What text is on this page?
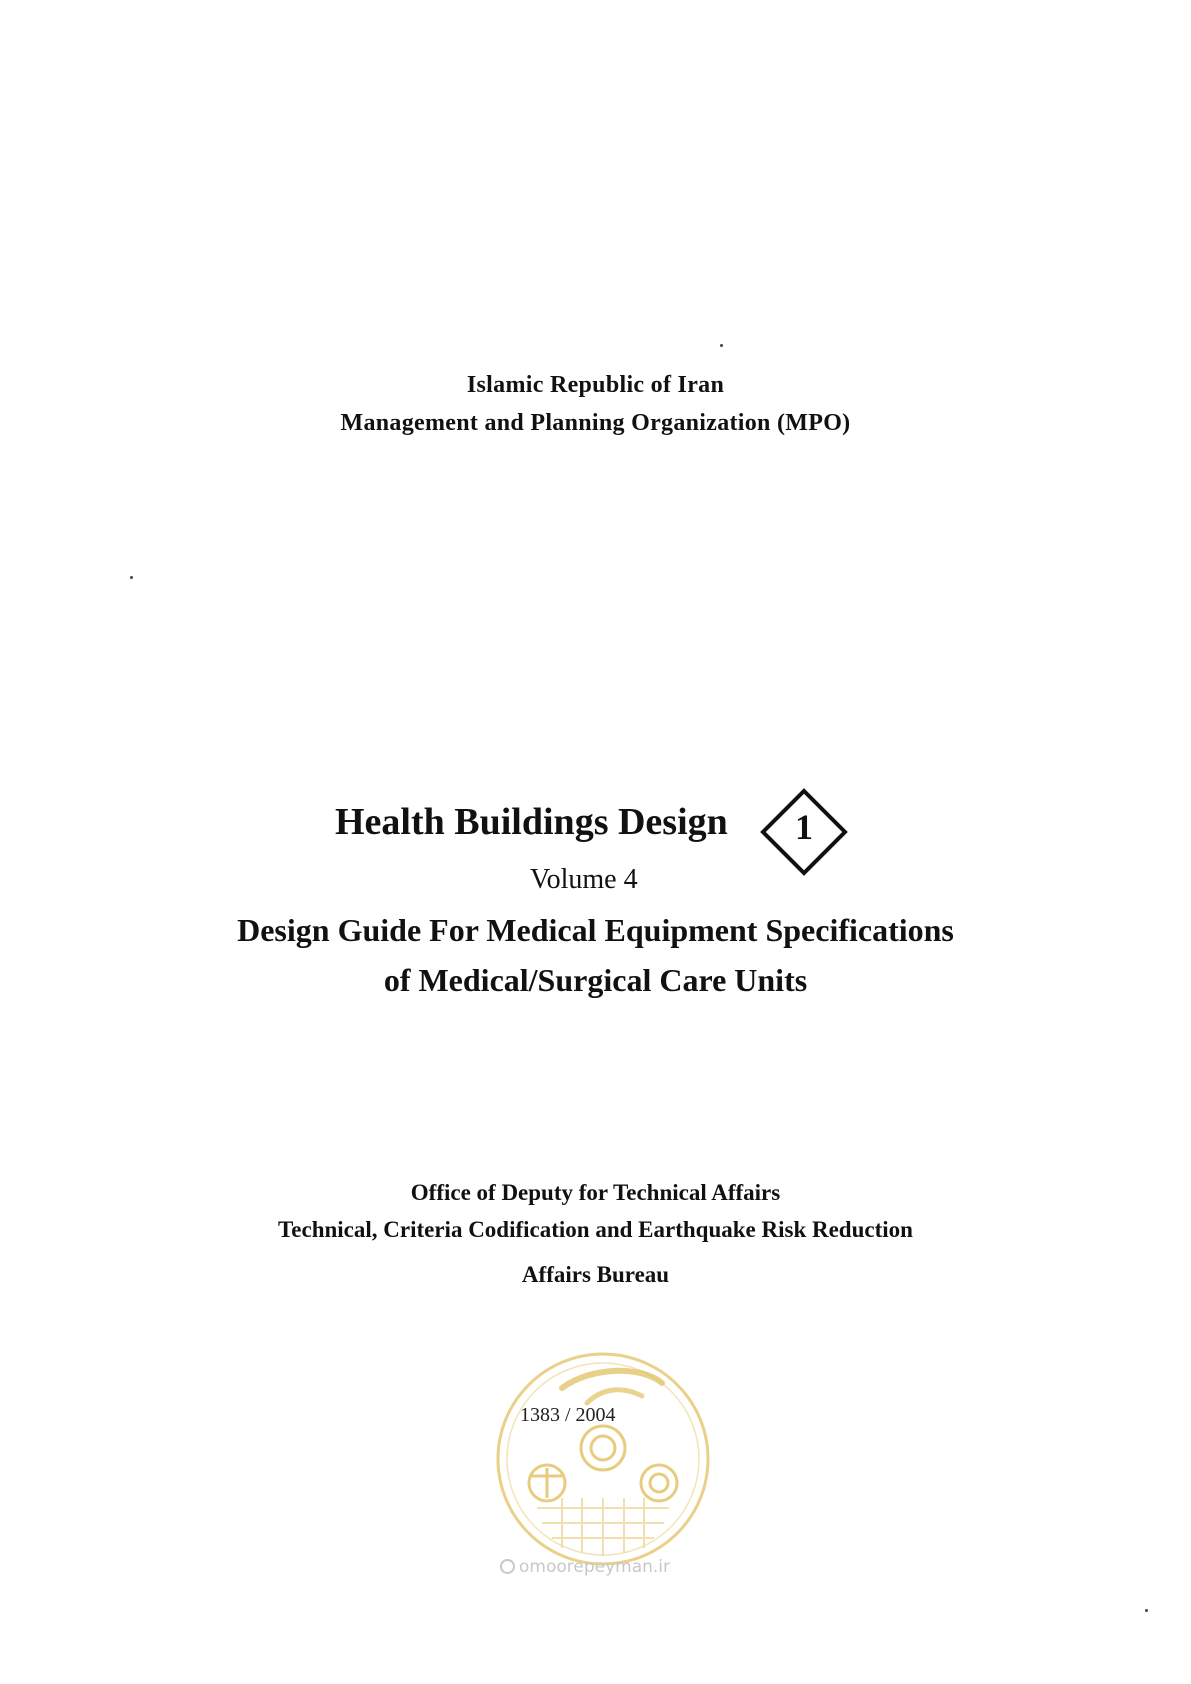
Islamic Republic of Iran
Management and Planning Organization (MPO)
Health Buildings Design	1
Volume 4
Design Guide For Medical Equipment Specifications
of Medical/Surgical Care Units
Office of Deputy for Technical Affairs
Technical, Criteria Codification and Earthquake Risk Reduction
Affairs Bureau
1383 / 2004
omoorepeyman.ir
